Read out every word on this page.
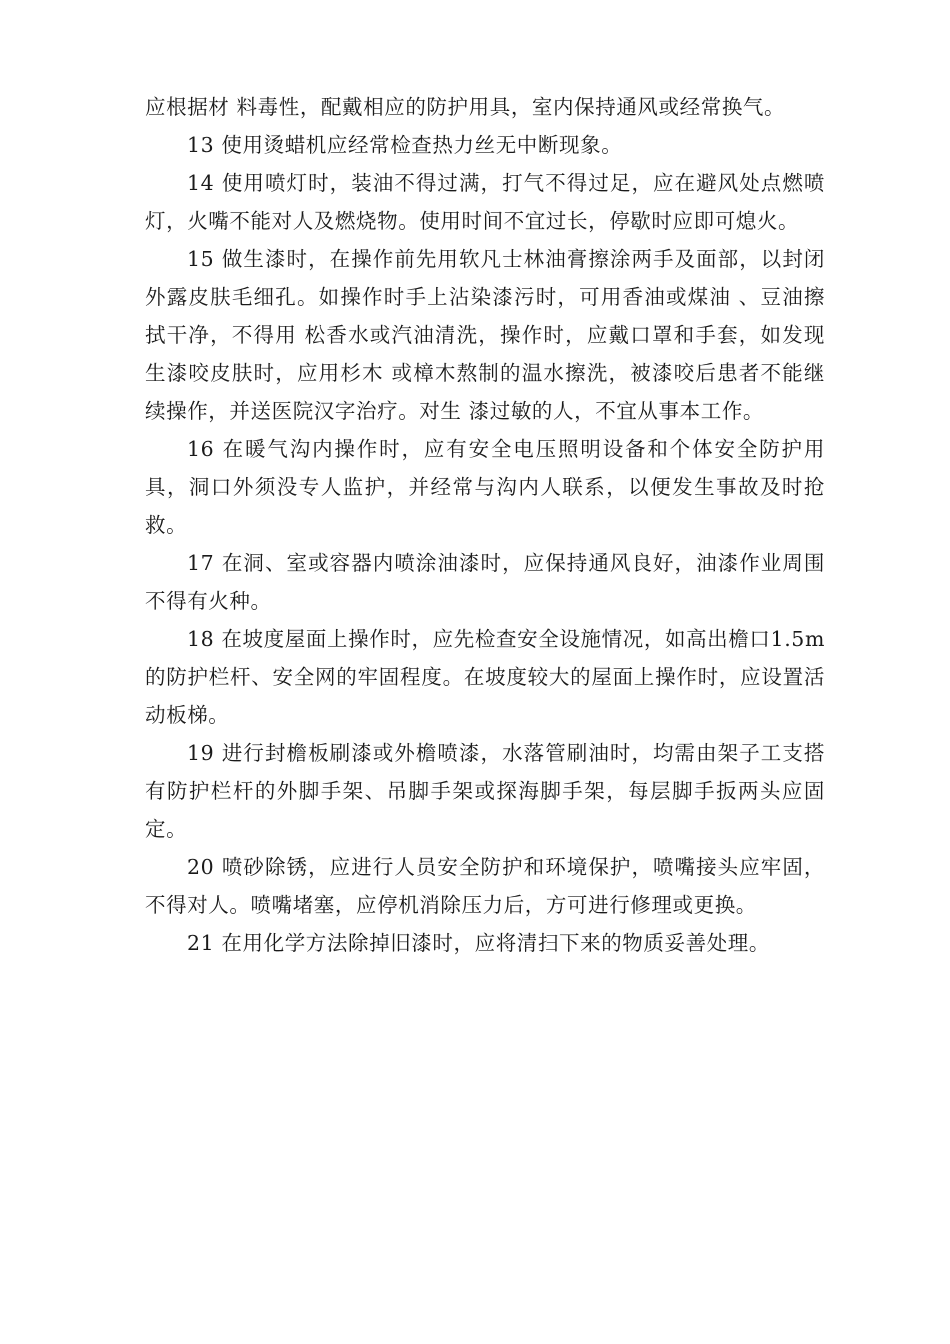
应根据材 料毒性，配戴相应的防护用具，室内保持通风或经常换气。

13 使用烫蜡机应经常检查热力丝无中断现象。

14 使用喷灯时，装油不得过满，打气不得过足，应在避风处点燃喷灯，火嘴不能对人及燃烧物。使用时间不宜过长，停歇时应即可熄火。

15 做生漆时，在操作前先用软凡士林油膏擦涂两手及面部，以封闭外露皮肤毛细孔。如操作时手上沾染漆污时，可用香油或煤油 、豆油擦拭干净，不得用 松香水或汽油清洗，操作时，应戴口罩和手套，如发现生漆咬皮肤时，应用杉木 或樟木熬制的温水擦洗，被漆咬后患者不能继续操作，并送医院汉字治疗。对生 漆过敏的人，不宜从事本工作。

16 在暖气沟内操作时，应有安全电压照明设备和个体安全防护用具，洞口外须没专人监护，并经常与沟内人联系，以便发生事故及时抢救。

17 在洞、室或容器内喷涂油漆时，应保持通风良好，油漆作业周围不得有火种。

18 在坡度屋面上操作时，应先检查安全设施情况，如高出檐口1.5m 的防护栏杆、安全网的牢固程度。在坡度较大的屋面上操作时，应设置活动板梯。

19 进行封檐板刷漆或外檐喷漆，水落管刷油时，均需由架子工支搭有防护栏杆的外脚手架、吊脚手架或探海脚手架，每层脚手扳两头应固定。

20 喷砂除锈，应进行人员安全防护和环境保护，喷嘴接头应牢固，不得对人。喷嘴堵塞，应停机消除压力后，方可进行修理或更换。

21 在用化学方法除掉旧漆时，应将清扫下来的物质妥善处理。
